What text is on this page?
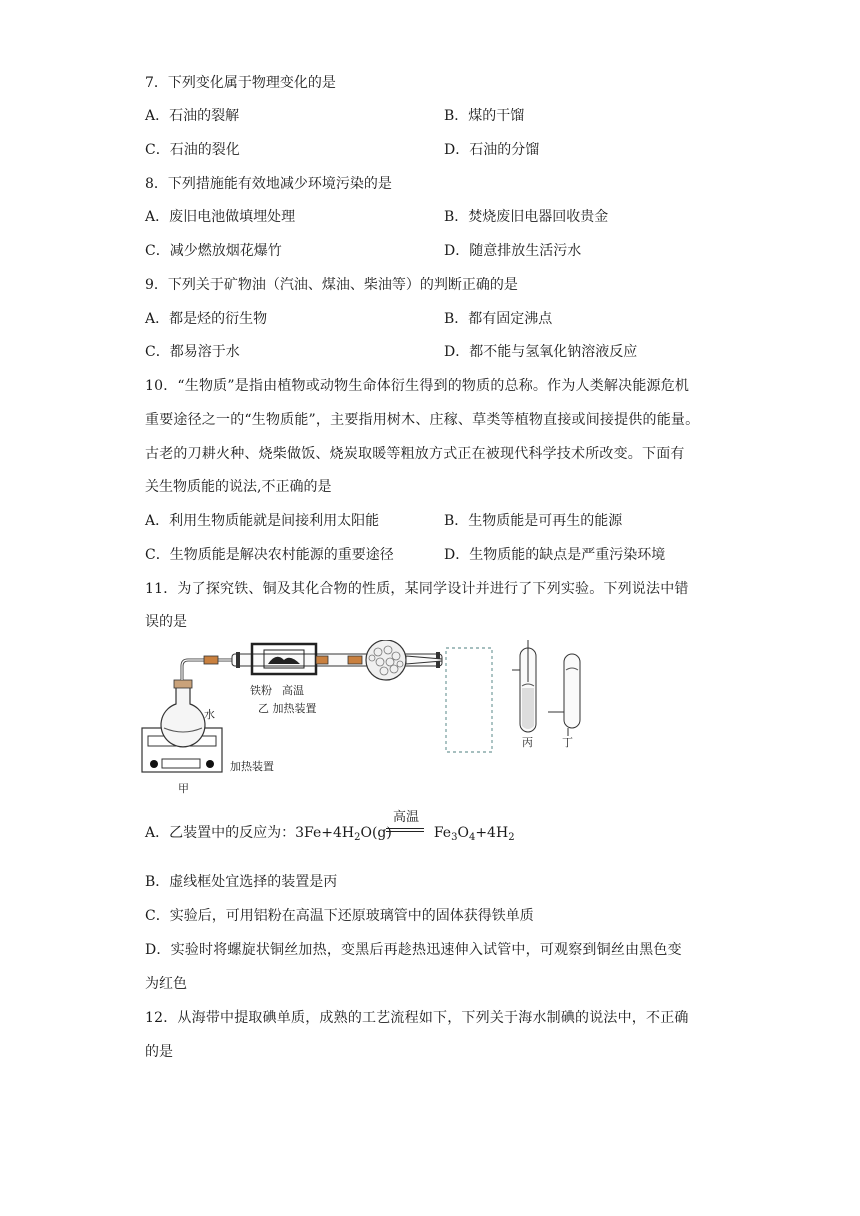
7．下列变化属于物理变化的是
A．石油的裂解	B．煤的干馏
C．石油的裂化	D．石油的分馏
8．下列措施能有效地减少环境污染的是
A．废旧电池做填埋处理	B．焚烧废旧电器回收贵金
C．减少燃放烟花爆竹	D．随意排放生活污水
9．下列关于矿物油（汽油、煤油、柴油等）的判断正确的是
A．都是烃的衍生物	B．都有固定沸点
C．都易溶于水	D．都不能与氢氧化钠溶液反应
10．“生物质”是指由植物或动物生命体衍生得到的物质的总称。作为人类解决能源危机
重要途径之一的“生物质能”，主要指用树木、庄稼、草类等植物直接或间接提供的能量。
古老的刀耕火种、烧柴做饭、烧炭取暖等粗放方式正在被现代科学技术所改变。下面有
关生物质能的说法,不正确的是
A．利用生物质能就是间接利用太阳能	B．生物质能是可再生的能源
C．生物质能是解决农村能源的重要途径	D．生物质能的缺点是严重污染环境
11．为了探究铁、铜及其化合物的性质，某同学设计并进行了下列实验。下列说法中错
误的是
铁粉 高温
乙 加热装置
水
加热装置
甲
丙	丁
A．乙装置中的反应为：$3Fe+4H_2O(g)$	$Fe_3O_4+4H_2$
高温
B．虚线框处宜选择的装置是丙
C．实验后，可用铝粉在高温下还原玻璃管中的固体获得铁单质
D．实验时将螺旋状铜丝加热，变黑后再趁热迅速伸入试管中，可观察到铜丝由黑色变
为红色
12．从海带中提取碘单质，成熟的工艺流程如下，下列关于海水制碘的说法中，不正确
的是
